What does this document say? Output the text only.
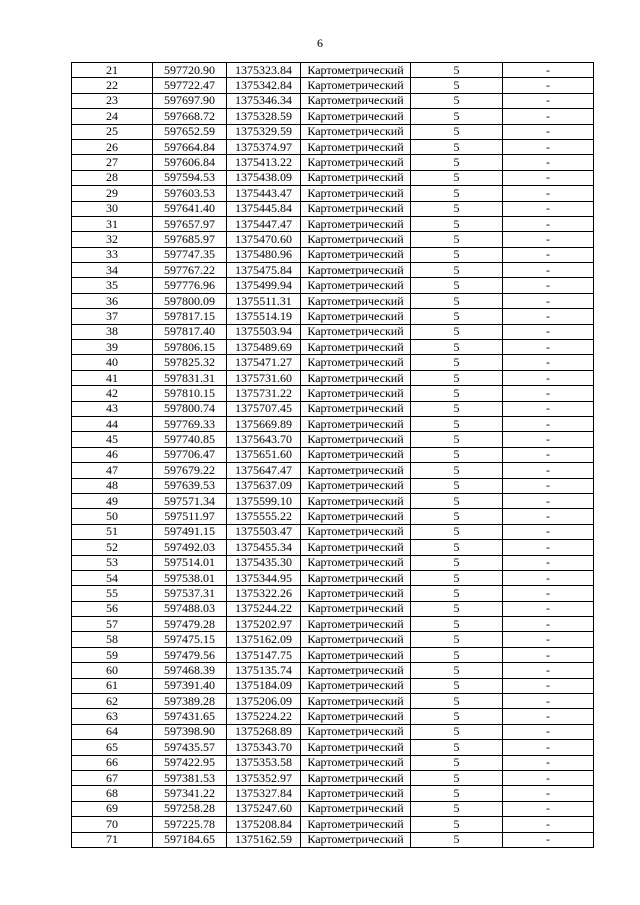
6
21	597720.90	1375323.84	Картометрический	5	-
22	597722.47	1375342.84	Картометрический	5	-
23	597697.90	1375346.34	Картометрический	5	-
24	597668.72	1375328.59	Картометрический	5	-
25	597652.59	1375329.59	Картометрический	5	-
26	597664.84	1375374.97	Картометрический	5	-
27	597606.84	1375413.22	Картометрический	5	-
28	597594.53	1375438.09	Картометрический	5	-
29	597603.53	1375443.47	Картометрический	5	-
30	597641.40	1375445.84	Картометрический	5	-
31	597657.97	1375447.47	Картометрический	5	-
32	597685.97	1375470.60	Картометрический	5	-
33	597747.35	1375480.96	Картометрический	5	-
34	597767.22	1375475.84	Картометрический	5	-
35	597776.96	1375499.94	Картометрический	5	-
36	597800.09	1375511.31	Картометрический	5	-
37	597817.15	1375514.19	Картометрический	5	-
38	597817.40	1375503.94	Картометрический	5	-
39	597806.15	1375489.69	Картометрический	5	-
40	597825.32	1375471.27	Картометрический	5	-
41	597831.31	1375731.60	Картометрический	5	-
42	597810.15	1375731.22	Картометрический	5	-
43	597800.74	1375707.45	Картометрический	5	-
44	597769.33	1375669.89	Картометрический	5	-
45	597740.85	1375643.70	Картометрический	5	-
46	597706.47	1375651.60	Картометрический	5	-
47	597679.22	1375647.47	Картометрический	5	-
48	597639.53	1375637.09	Картометрический	5	-
49	597571.34	1375599.10	Картометрический	5	-
50	597511.97	1375555.22	Картометрический	5	-
51	597491.15	1375503.47	Картометрический	5	-
52	597492.03	1375455.34	Картометрический	5	-
53	597514.01	1375435.30	Картометрический	5	-
54	597538.01	1375344.95	Картометрический	5	-
55	597537.31	1375322.26	Картометрический	5	-
56	597488.03	1375244.22	Картометрический	5	-
57	597479.28	1375202.97	Картометрический	5	-
58	597475.15	1375162.09	Картометрический	5	-
59	597479.56	1375147.75	Картометрический	5	-
60	597468.39	1375135.74	Картометрический	5	-
61	597391.40	1375184.09	Картометрический	5	-
62	597389.28	1375206.09	Картометрический	5	-
63	597431.65	1375224.22	Картометрический	5	-
64	597398.90	1375268.89	Картометрический	5	-
65	597435.57	1375343.70	Картометрический	5	-
66	597422.95	1375353.58	Картометрический	5	-
67	597381.53	1375352.97	Картометрический	5	-
68	597341.22	1375327.84	Картометрический	5	-
69	597258.28	1375247.60	Картометрический	5	-
70	597225.78	1375208.84	Картометрический	5	-
71	597184.65	1375162.59	Картометрический	5	-
